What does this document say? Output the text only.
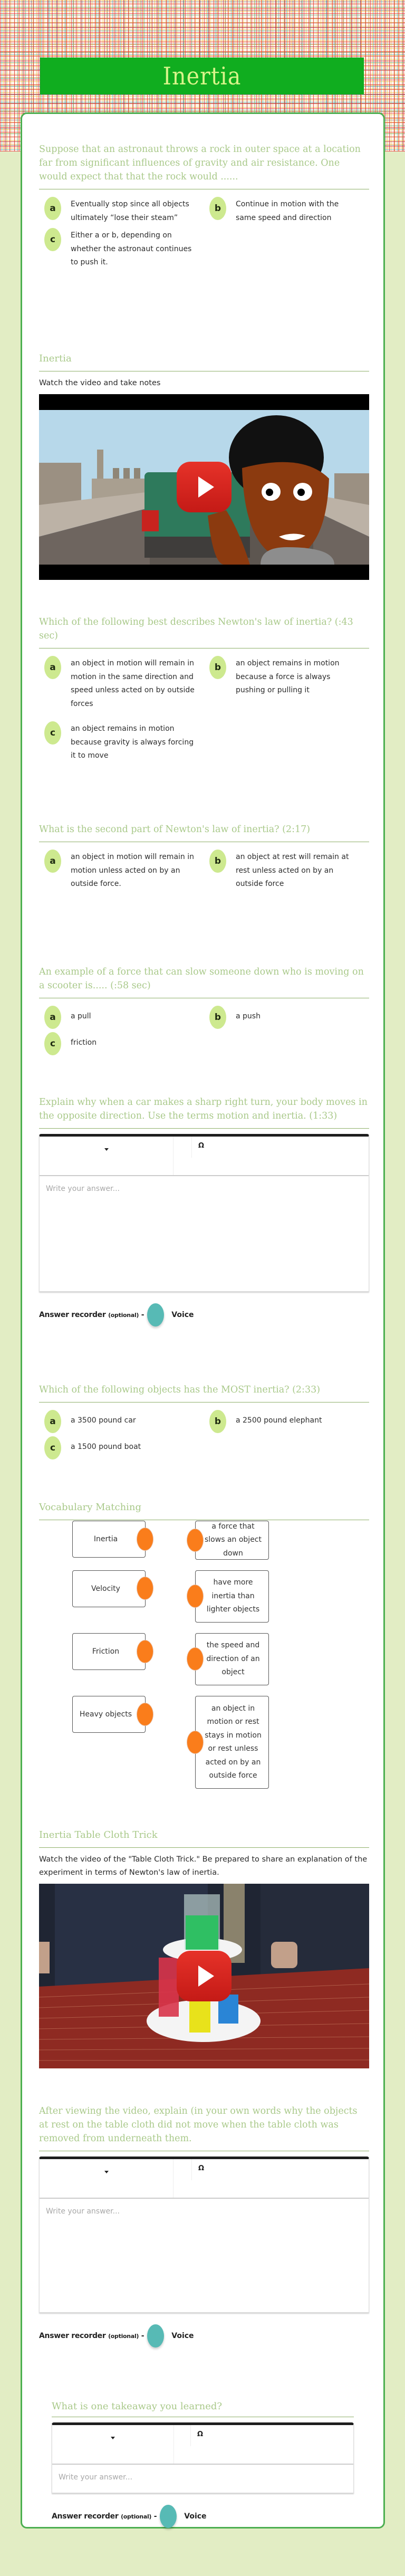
Inertia
Suppose that an astronaut throws a rock in outer space at a location far from significant influences of gravity and air resistance. One would expect that that the rock would ......
a	Eventually stop since all objects ultimately “lose their steam”
b	Continue in motion with the same speed and direction
c	Either a or b, depending on whether the astronaut continues to push it.
Inertia
Watch the video and take notes
Which of the following best describes Newton's law of inertia? (:43 sec)
a	an object in motion will remain in motion in the same direction and speed unless acted on by outside forces
b	an object remains in motion because a force is always pushing or pulling it
c	an object remains in motion because gravity is always forcing it to move
What is the second part of Newton's law of inertia? (2:17)
a	an object in motion will remain in motion unless acted on by an outside force.
b	an object at rest will remain at rest unless acted on by an outside force
An example of a force that can slow someone down who is moving on a scooter is..... (:58 sec)
a	a pull	b	a push
c	friction
Explain why when a car makes a sharp right turn, your body moves in the opposite direction. Use the terms motion and inertia. (1:33)
Ω
Write your answer...
Answer recorder (optional) -	Voice
Which of the following objects has the MOST inertia? (2:33)
a	a 3500 pound car	b	a 2500 pound elephant
c	a 1500 pound boat
Vocabulary Matching
Inertia
a force that slows an object down
Velocity
have more inertia than lighter objects
Friction
the speed and direction of an object
Heavy objects
an object in motion or rest stays in motion or rest unless acted on by an outside force
Inertia Table Cloth Trick
Watch the video of the "Table Cloth Trick." Be prepared to share an explanation of the experiment in terms of Newton's law of inertia.
After viewing the video, explain (in your own words why the objects at rest on the table cloth did not move when the table cloth was removed from underneath them.
Ω
Write your answer...
Answer recorder (optional) -	Voice
What is one takeaway you learned?
Ω
Write your answer...
Answer recorder (optional) -	Voice
